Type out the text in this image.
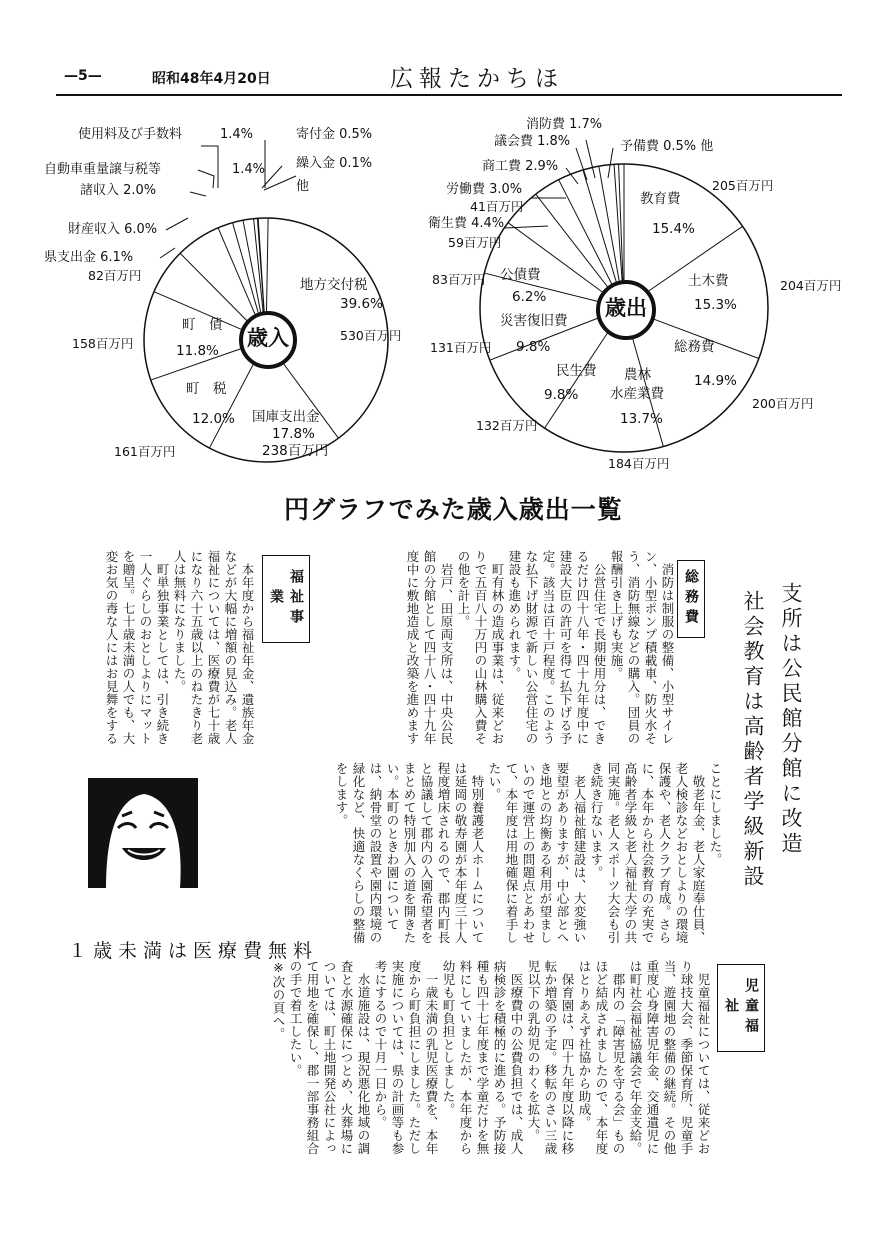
—5—	昭和48年4月20日	広報たかちほ
使用料及び手数料	1.4%
自動車重量譲与税等	1.4%
諸収入 2.0%
寄付金 0.5%
繰入金 0.1%
他
財産収入 6.0%
県支出金 6.1%
82百万円
地方交付税
39.6%
530百万円
町　債
11.8%
158百万円
町　税
12.0%
161百万円
国庫支出金
17.8%
238百万円
歳入
消防費 1.7%
議会費 1.8%
商工費 2.9%
予備費 0.5% 他
労働費 3.0%
41百万円
衛生費 4.4%
59百万円
83百万円
教育費
15.4%
205百万円
土木費
15.3%
204百万円
総務費
14.9%
200百万円
農林
水産業費
13.7%
184百万円
民生費
9.8%
132百万円
災害復旧費
9.8%
131百万円
公債費
6.2%	歳出
円グラフでみた歳入歳出一覧
支所は公民館分館に改造
社会教育は高齢者学級新設
総務費
　消防は制服の整備、小型サイレン、小型ポンプ積載車、防火水そう、消防無線などの購入。団員の報酬引き上げも実施。
　公営住宅で長期使用分は、できるだけ四十八年・四十九年度中に建設大臣の許可を得て払下げる予定。該当は百十戸程度。このような払下げ財源で新しい公営住宅の建設も進められます。
　町有林の造成事業は、従来どおりで五百八十万円の山林購入費その他を計上。
　岩戸、田原両支所は、中央公民館の分館として四十八・四十九年度中に敷地造成と改築を進めます
福祉事業
　本年度から福祉年金、遺族年金などが大幅に増額の見込み。老人福祉については、医療費が七十歳になり六十五歳以上のねたきり老人は無料になりました。
　町単独事業としては、引き続き一人ぐらしのおとしよりにマットを贈呈。七十歳未満の人でも、大変お気の毒な人にはお見舞をする
ことにしました。
　敬老年金、老人家庭奉仕員、老人検診などおとしよりの環境保護や、老人クラブ育成。さらに、本年から社会教育の充実で高齢者学級と老人福祉大学の共同実施。老人スポーツ大会も引き続き行ないます。
　老人福祉館建設は、大変強い要望がありますが、中心部とへき地との均衡ある利用が望ましいので運営上の問題点とあわせて、本年度は用地確保に着手したい。
　特別養護老人ホームについては延岡の敬寿園が本年度三十人程度増床されるので、郡内町長と協議して郡内の入園希望者をまとめて特別加入の道を開きたい。本町のときわ園については、納骨堂の設置や園内環境の緑化など、快適なくらしの整備をします。
１歳未満は医療費無料
児童福祉
　児童福祉については、従来どおり球技大会、季節保育所、児童手当、遊園地の整備の継続。その他重度心身障害児年金、交通遺児には町社会福祉協議会で年金支給。
　郡内の「障害児を守る会」ものほど結成されましたので、本年度はとりあえず社協から助成。
　保育園は、四十九年度以降に移転か増築の予定。移転のさい三歳児以下の乳幼児のわくを拡大。
　医療費中の公費負担では、成人病検診を積極的に進める。予防接種も四十七年度まで学童だけを無料にしていましたが、本年度から幼児も町負担としました。
　一歳未満の乳児医療費を、本年度から町負担にしました。ただし実施については、県の計画等も参考にするので十月一日から。
　水道施設は、現況悪化地域の調査と水源確保につとめ、火葬場については、町土地開発公社によって用地を確保し、郡一部事務組合の手で着工したい。
※次の頁へ。
